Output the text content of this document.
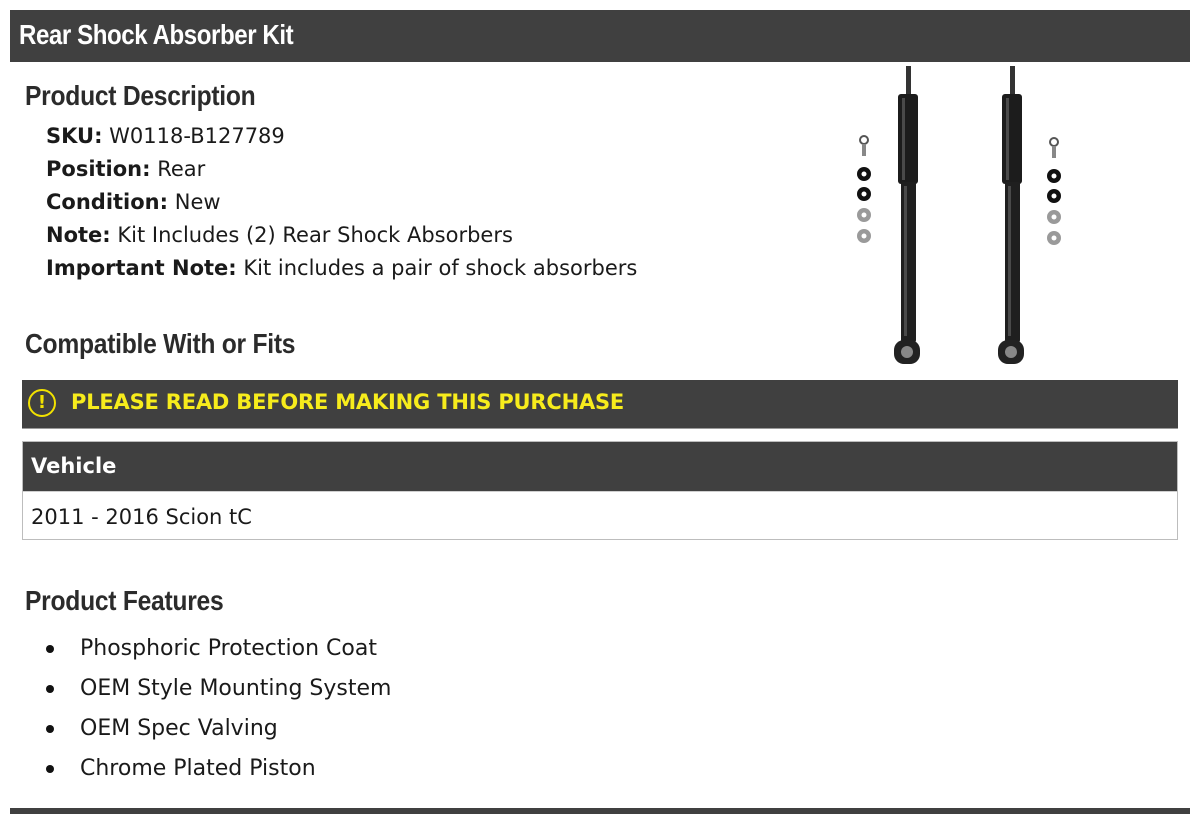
Rear Shock Absorber Kit
Product Description
SKU: W0118-B127789
Position: Rear
Condition: New
Note: Kit Includes (2) Rear Shock Absorbers
Important Note: Kit includes a pair of shock absorbers
Compatible With or Fits
!	PLEASE READ BEFORE MAKING THIS PURCHASE
Vehicle
2011 - 2016 Scion tC
Product Features
Phosphoric Protection Coat
OEM Style Mounting System
OEM Spec Valving
Chrome Plated Piston
